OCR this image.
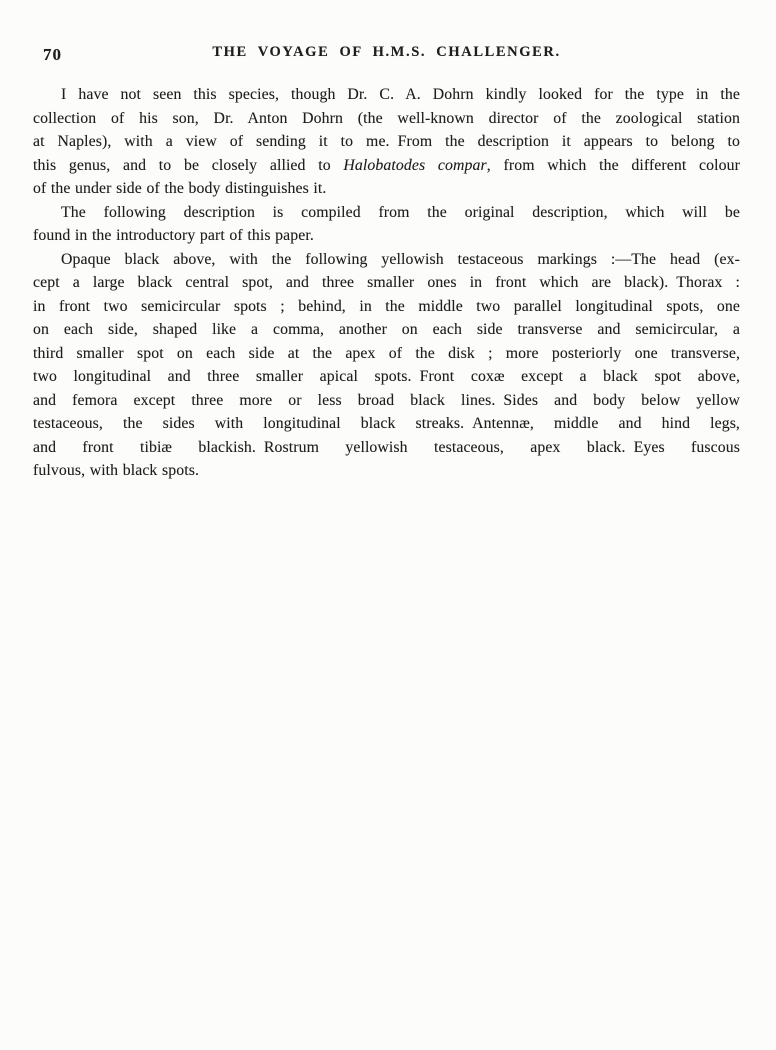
70	THE VOYAGE OF H.M.S. CHALLENGER.
I have not seen this species, though Dr. C. A. Dohrn kindly looked for the type in the
collection of his son, Dr. Anton Dohrn (the well-known director of the zoological station
at Naples), with a view of sending it to me. From the description it appears to belong to
this genus, and to be closely allied to Halobatodes compar, from which the different colour
of the under side of the body distinguishes it.
The following description is compiled from the original description, which will be
found in the introductory part of this paper.
Opaque black above, with the following yellowish testaceous markings :—The head (ex-
cept a large black central spot, and three smaller ones in front which are black). Thorax :
in front two semicircular spots ; behind, in the middle two parallel longitudinal spots, one
on each side, shaped like a comma, another on each side transverse and semicircular, a
third smaller spot on each side at the apex of the disk ; more posteriorly one transverse,
two longitudinal and three smaller apical spots. Front coxæ except a black spot above,
and femora except three more or less broad black lines. Sides and body below yellow
testaceous, the sides with longitudinal black streaks. Antennæ, middle and hind legs,
and front tibiæ blackish. Rostrum yellowish testaceous, apex black. Eyes fuscous
fulvous, with black spots.
